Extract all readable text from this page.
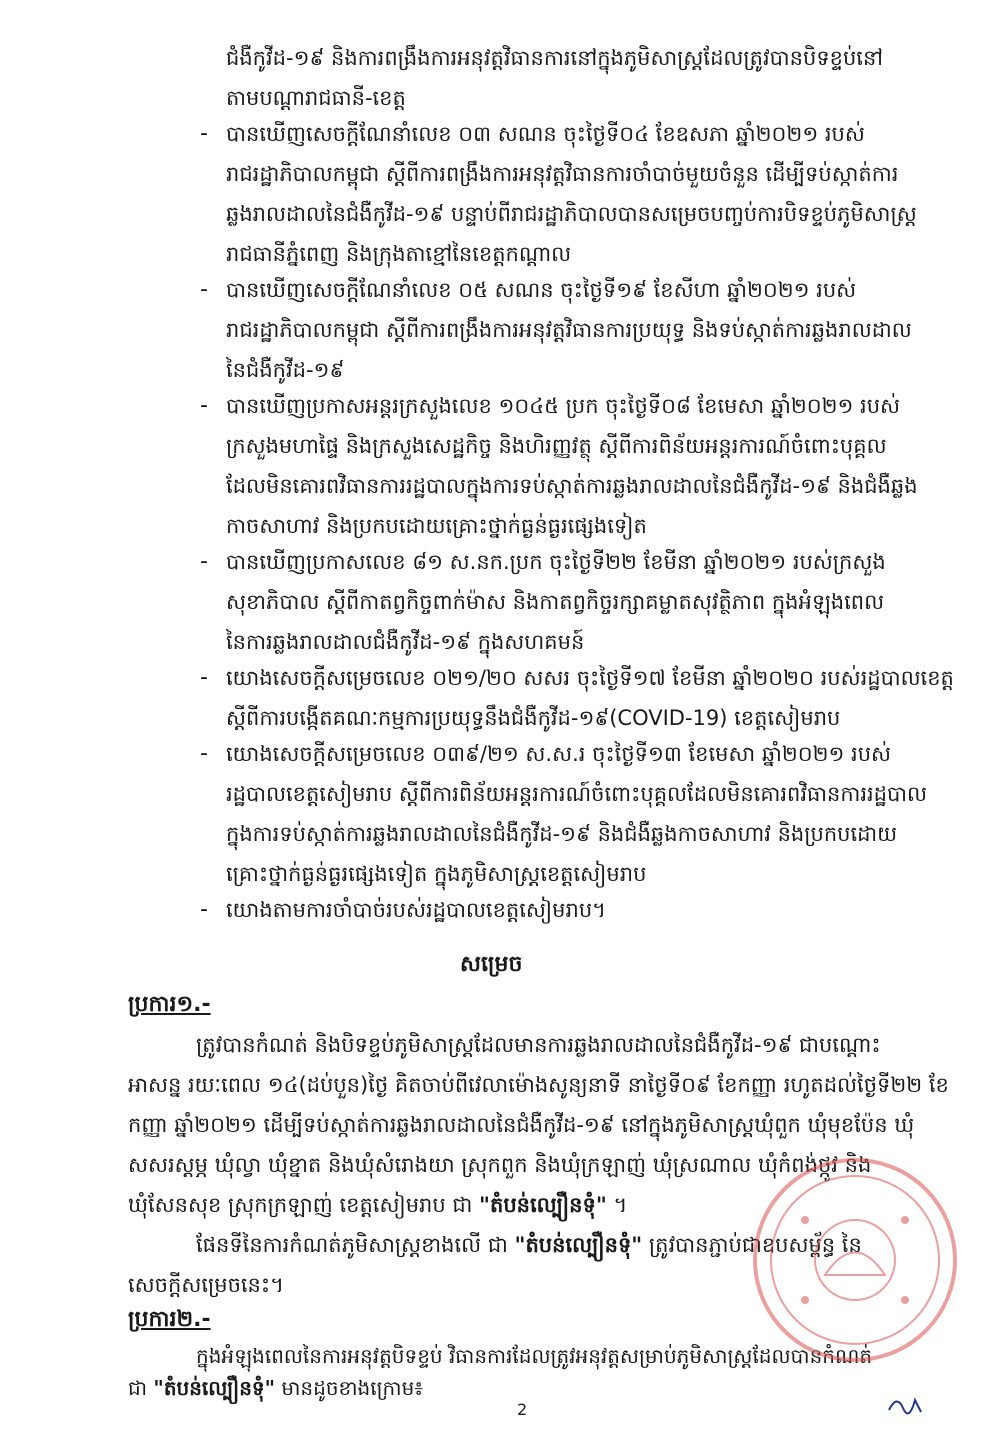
ជំងឺកូវីដ-១៩ និងការពង្រឹងការអនុវត្តវិធានការនៅក្នុងភូមិសាស្ត្រដែលត្រូវបានបិទខ្ទប់នៅ
តាមបណ្ដារាជធានី-ខេត្ត
- បានឃើញសេចក្ដីណែនាំលេខ ០៣ សណន ចុះថ្ងៃទី០៤ ខែឧសភា ឆ្នាំ២០២១ របស់
រាជរដ្ឋាភិបាលកម្ពុជា ស្ដីពីការពង្រឹងការអនុវត្តវិធានការចាំបាច់មួយចំនួន ដើម្បីទប់ស្កាត់ការ
ឆ្លងរាលដាលនៃជំងឺកូវីដ-១៩ បន្ទាប់ពីរាជរដ្ឋាភិបាលបានសម្រេចបញ្ចប់ការបិទខ្ទប់ភូមិសាស្ត្រ
រាជធានីភ្នំពេញ និងក្រុងតាខ្មៅនៃខេត្តកណ្ដាល
- បានឃើញសេចក្ដីណែនាំលេខ ០៥ សណន ចុះថ្ងៃទី១៩ ខែសីហា ឆ្នាំ២០២១ របស់
រាជរដ្ឋាភិបាលកម្ពុជា ស្ដីពីការពង្រឹងការអនុវត្តវិធានការប្រយុទ្ធ និងទប់ស្កាត់ការឆ្លងរាលដាល
នៃជំងឺកូវីដ-១៩
- បានឃើញប្រកាសអន្តរក្រសួងលេខ ១០៤៥ ប្រក ចុះថ្ងៃទី០៨ ខែមេសា ឆ្នាំ២០២១ របស់
ក្រសួងមហាផ្ទៃ និងក្រសួងសេដ្ឋកិច្ច និងហិរញ្ញវត្ថុ ស្ដីពីការពិន័យអន្តរការណ៍ចំពោះបុគ្គល
ដែលមិនគោរពវិធានការរដ្ឋបាលក្នុងការទប់ស្កាត់ការឆ្លងរាលដាលនៃជំងឺកូវីដ-១៩ និងជំងឺឆ្លង
កាចសាហាវ និងប្រកបដោយគ្រោះថ្នាក់ធ្ងន់ធ្ងរផ្សេងទៀត
- បានឃើញប្រកាសលេខ ៨១ ស.នក.ប្រក ចុះថ្ងៃទី២២ ខែមីនា ឆ្នាំ២០២១ របស់ក្រសួង
សុខាភិបាល ស្ដីពីកាតព្វកិច្ចពាក់ម៉ាស និងកាតព្វកិច្ចរក្សាគម្លាតសុវត្ថិភាព ក្នុងអំឡុងពេល
នៃការឆ្លងរាលដាលជំងឺកូវីដ-១៩ ក្នុងសហគមន៍
- យោងសេចក្ដីសម្រេចលេខ ០២១/២០ សសរ ចុះថ្ងៃទី១៧ ខែមីនា ឆ្នាំ២០២០ របស់រដ្ឋបាលខេត្ត
ស្ដីពីការបង្កើតគណៈកម្មការប្រយុទ្ធនឹងជំងឺកូវីដ-១៩(COVID-19) ខេត្តសៀមរាប
- យោងសេចក្ដីសម្រេចលេខ ០៣៩/២១ ស.ស.រ ចុះថ្ងៃទី១៣ ខែមេសា ឆ្នាំ២០២១ របស់
រដ្ឋបាលខេត្តសៀមរាប ស្ដីពីការពិន័យអន្តរការណ៍ចំពោះបុគ្គលដែលមិនគោរពវិធានការរដ្ឋបាល
ក្នុងការទប់ស្កាត់ការឆ្លងរាលដាលនៃជំងឺកូវីដ-១៩ និងជំងឺឆ្លងកាចសាហាវ និងប្រកបដោយ
គ្រោះថ្នាក់ធ្ងន់ធ្ងរផ្សេងទៀត ក្នុងភូមិសាស្ត្រខេត្តសៀមរាប
- យោងតាមការចាំបាច់របស់រដ្ឋបាលខេត្តសៀមរាប។
សម្រេច
ប្រការ១.-
ត្រូវបានកំណត់ និងបិទខ្ទប់ភូមិសាស្ត្រដែលមានការឆ្លងរាលដាលនៃជំងឺកូវីដ-១៩ ជាបណ្ដោះ
អាសន្ន រយៈពេល ១៤(ដប់បួន)ថ្ងៃ គិតចាប់ពីវេលាម៉ោងសូន្យនាទី នាថ្ងៃទី០៩ ខែកញ្ញា រហូតដល់ថ្ងៃទី២២ ខែ
កញ្ញា ឆ្នាំ២០២១ ដើម្បីទប់ស្កាត់ការឆ្លងរាលដាលនៃជំងឺកូវីដ-១៩ នៅក្នុងភូមិសាស្ត្រឃុំពួក ឃុំមុខប៉ែន ឃុំ
សសរស្ដម្ភ ឃុំល្វា ឃុំខ្នាត និងឃុំសំរោងយា ស្រុកពួក និងឃុំក្រឡាញ់ ឃុំស្រណាល ឃុំកំពង់ថ្កូវ និង
ឃុំសែនសុខ ស្រុកក្រឡាញ់ ខេត្តសៀមរាប ជា "តំបន់ល្បឿនទុំ" ។
ផែនទីនៃការកំណត់ភូមិសាស្ត្រខាងលើ ជា "តំបន់ល្បឿនទុំ" ត្រូវបានភ្ជាប់ជាឧបសម្ព័ន្ធ នៃ
សេចក្ដីសម្រេចនេះ។
ប្រការ២.-
ក្នុងអំឡុងពេលនៃការអនុវត្តបិទខ្ទប់ វិធានការដែលត្រូវអនុវត្តសម្រាប់ភូមិសាស្ត្រដែលបានកំណត់
ជា "តំបន់ល្បឿនទុំ" មានដូចខាងក្រោម៖
2
